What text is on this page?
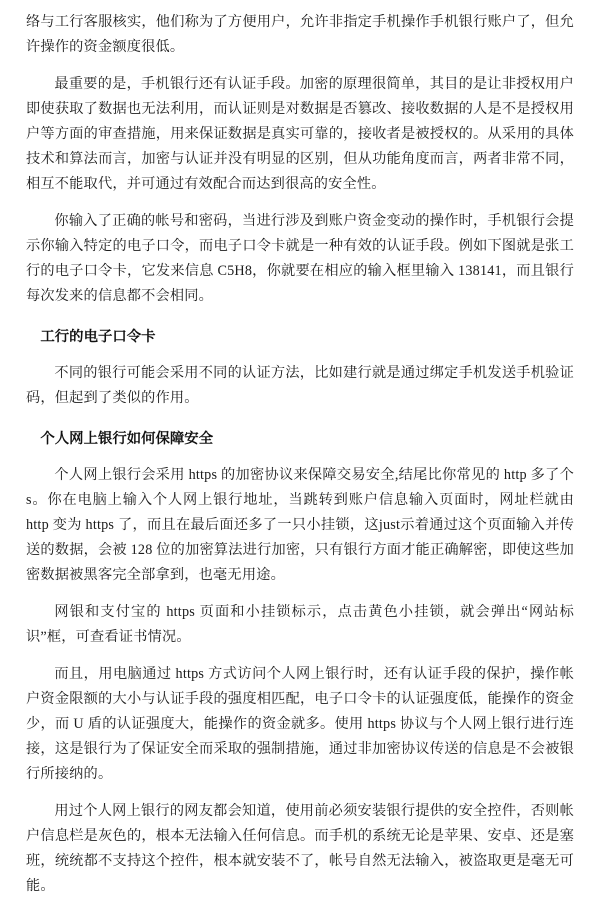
络与工行客服核实，他们称为了方便用户，允许非指定手机操作手机银行账户了，但允许操作的资金额度很低。

最重要的是，手机银行还有认证手段。加密的原理很简单，其目的是让非授权用户即使获取了数据也无法利用，而认证则是对数据是否篡改、接收数据的人是不是授权用户等方面的审查措施，用来保证数据是真实可靠的，接收者是被授权的。从采用的具体技术和算法而言，加密与认证并没有明显的区别，但从功能角度而言，两者非常不同，相互不能取代，并可通过有效配合而达到很高的安全性。

你输入了正确的帐号和密码，当进行涉及到账户资金变动的操作时，手机银行会提示你输入特定的电子口令，而电子口令卡就是一种有效的认证手段。例如下图就是张工行的电子口令卡，它发来信息 C5H8，你就要在相应的输入框里输入 138141，而且银行每次发来的信息都不会相同。

工行的电子口令卡

不同的银行可能会采用不同的认证方法，比如建行就是通过绑定手机发送手机验证码，但起到了类似的作用。

个人网上银行如何保障安全

个人网上银行会采用 https 的加密协议来保障交易安全,结尾比你常见的 http 多了个 s。你在电脑上输入个人网上银行地址，当跳转到账户信息输入页面时，网址栏就由 http 变为 https 了，而且在最后面还多了一只小挂锁，这just示着通过这个页面输入并传送的数据，会被 128 位的加密算法进行加密，只有银行方面才能正确解密，即使这些加密数据被黑客完全部拿到，也毫无用途。

网银和支付宝的 https 页面和小挂锁标示，点击黄色小挂锁，就会弹出“网站标识”框，可查看证书情况。

而且，用电脑通过 https 方式访问个人网上银行时，还有认证手段的保护，操作帐户资金限额的大小与认证手段的强度相匹配，电子口令卡的认证强度低，能操作的资金少，而 U 盾的认证强度大，能操作的资金就多。使用 https 协议与个人网上银行进行连接，这是银行为了保证安全而采取的强制措施，通过非加密协议传送的信息是不会被银行所接纳的。

用过个人网上银行的网友都会知道，使用前必须安装银行提供的安全控件，否则帐户信息栏是灰色的，根本无法输入任何信息。而手机的系统无论是苹果、安卓、还是塞班，统统都不支持这个控件，根本就安装不了，帐号自然无法输入，被盗取更是毫无可能。
